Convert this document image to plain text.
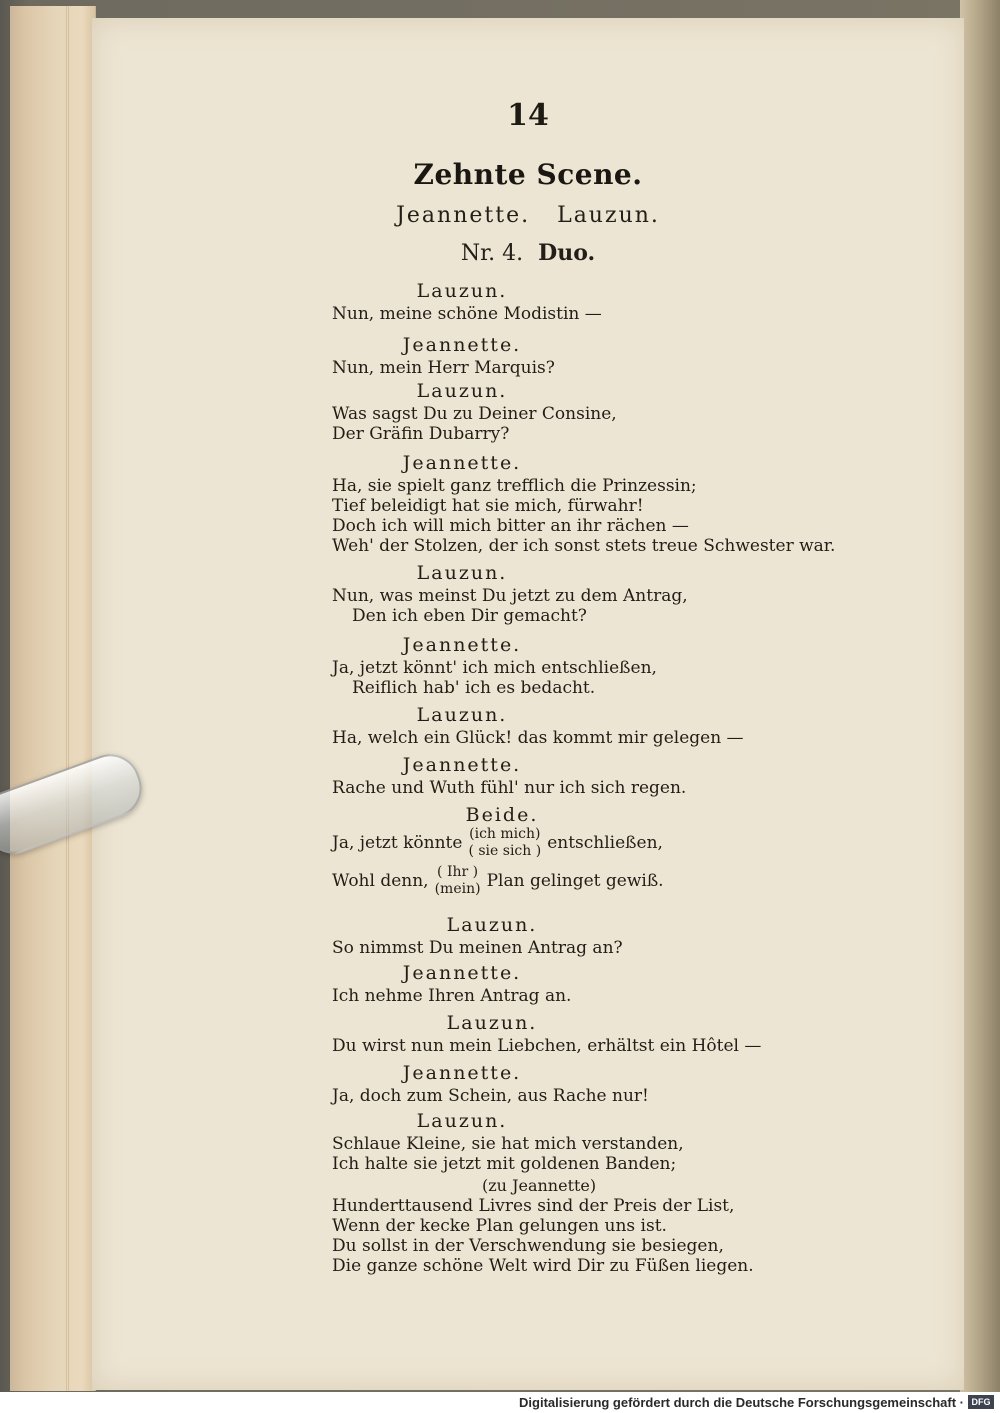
14
Zehnte Scene.
Jeannette. Lauzun.
Nr. 4. Duo.
Lauzun.
Nun, meine schöne Modistin —
Jeannette.
Nun, mein Herr Marquis?
Lauzun.
Was sagst Du zu Deiner Consine,
Der Gräfin Dubarry?
Jeannette.
Ha, sie spielt ganz trefflich die Prinzessin;
Tief beleidigt hat sie mich, fürwahr!
Doch ich will mich bitter an ihr rächen —
Weh' der Stolzen, der ich sonst stets treue Schwester war.
Lauzun.
Nun, was meinst Du jetzt zu dem Antrag,
Den ich eben Dir gemacht?
Jeannette.
Ja, jetzt könnt' ich mich entschließen,
Reiflich hab' ich es bedacht.
Lauzun.
Ha, welch ein Glück! das kommt mir gelegen —
Jeannette.
Rache und Wuth fühl' nur ich sich regen.
Beide.
Ja, jetzt könnte (ich mich)
( sie sich ) entschließen,
Wohl denn, ( Ihr )
(mein) Plan gelinget gewiß.
Lauzun.
So nimmst Du meinen Antrag an?
Jeannette.
Ich nehme Ihren Antrag an.
Lauzun.
Du wirst nun mein Liebchen, erhältst ein Hôtel —
Jeannette.
Ja, doch zum Schein, aus Rache nur!
Lauzun.
Schlaue Kleine, sie hat mich verstanden,
Ich halte sie jetzt mit goldenen Banden;
(zu Jeannette)
Hunderttausend Livres sind der Preis der List,
Wenn der kecke Plan gelungen uns ist.
Du sollst in der Verschwendung sie besiegen,
Die ganze schöne Welt wird Dir zu Füßen liegen.
Digitalisierung gefördert durch die Deutsche Forschungsgemeinschaft · DFG
